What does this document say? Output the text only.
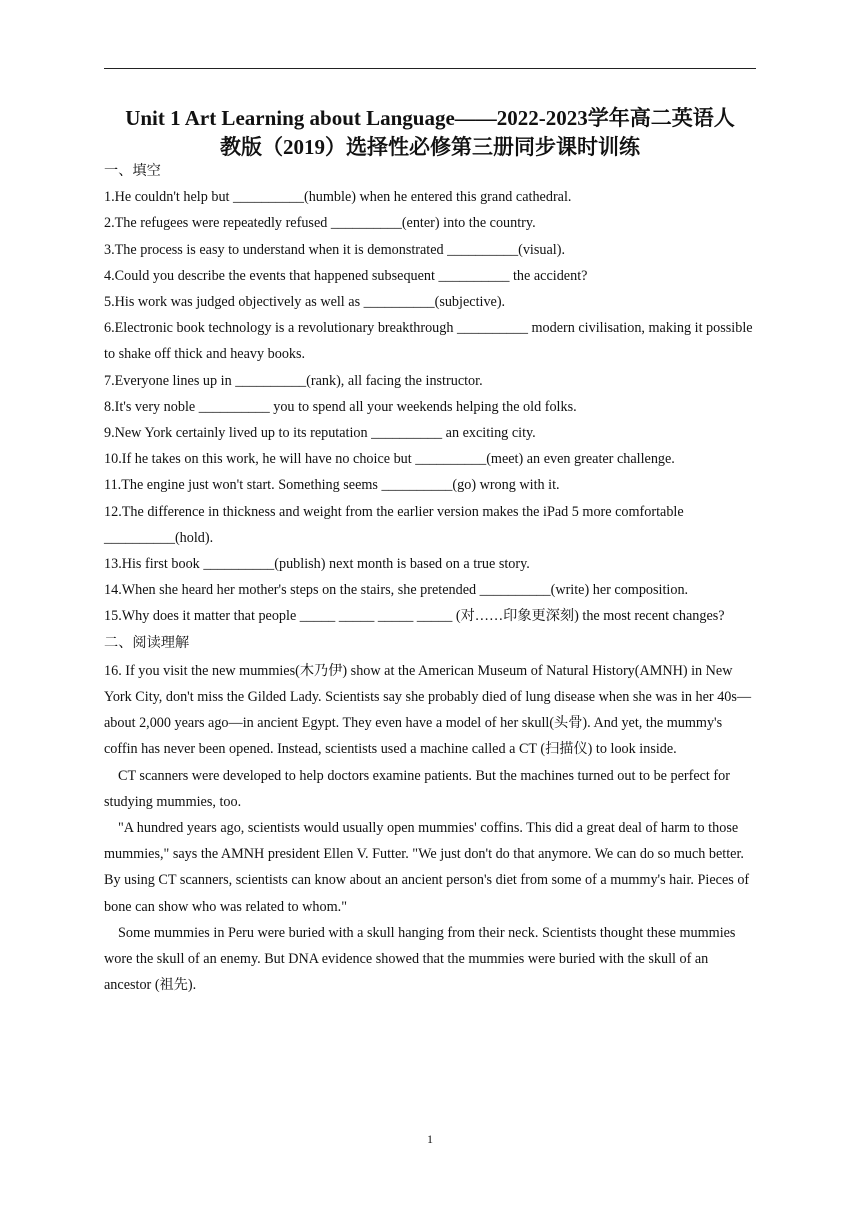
Unit 1 Art Learning about Language——2022-2023学年高二英语人
教版（2019）选择性必修第三册同步课时训练

一、填空

1.He couldn't help but __________(humble) when he entered this grand cathedral.

2.The refugees were repeatedly refused __________(enter) into the country.

3.The process is easy to understand when it is demonstrated __________(visual).

4.Could you describe the events that happened subsequent __________ the accident?

5.His work was judged objectively as well as __________(subjective).

6.Electronic book technology is a revolutionary breakthrough __________ modern civilisation, making it possible to shake off thick and heavy books.

7.Everyone lines up in __________(rank), all facing the instructor.

8.It's very noble __________ you to spend all your weekends helping the old folks.

9.New York certainly lived up to its reputation __________ an exciting city.

10.If he takes on this work, he will have no choice but __________(meet) an even greater challenge.

11.The engine just won't start. Something seems __________(go) wrong with it.

12.The difference in thickness and weight from the earlier version makes the iPad 5 more comfortable __________(hold).

13.His first book __________(publish) next month is based on a true story.

14.When she heard her mother's steps on the stairs, she pretended __________(write) her composition.

15.Why does it matter that people _____ _____ _____ _____ (对……印象更深刻) the most recent changes?

二、阅读理解

16. If you visit the new mummies(木乃伊) show at the American Museum of Natural History(AMNH) in New York City, don't miss the Gilded Lady. Scientists say she probably died of lung disease when she was in her 40s—about 2,000 years ago—in ancient Egypt. They even have a model of her skull(头骨). And yet, the mummy's coffin has never been opened. Instead, scientists used a machine called a CT (扫描仪) to look inside.

CT scanners were developed to help doctors examine patients. But the machines turned out to be perfect for studying mummies, too.

"A hundred years ago, scientists would usually open mummies' coffins. This did a great deal of harm to those mummies," says the AMNH president Ellen V. Futter. "We just don't do that anymore. We can do so much better. By using CT scanners, scientists can know about an ancient person's diet from some of a mummy's hair. Pieces of bone can show who was related to whom."

Some mummies in Peru were buried with a skull hanging from their neck. Scientists thought these mummies wore the skull of an enemy. But DNA evidence showed that the mummies were buried with the skull of an ancestor (祖先).

1
